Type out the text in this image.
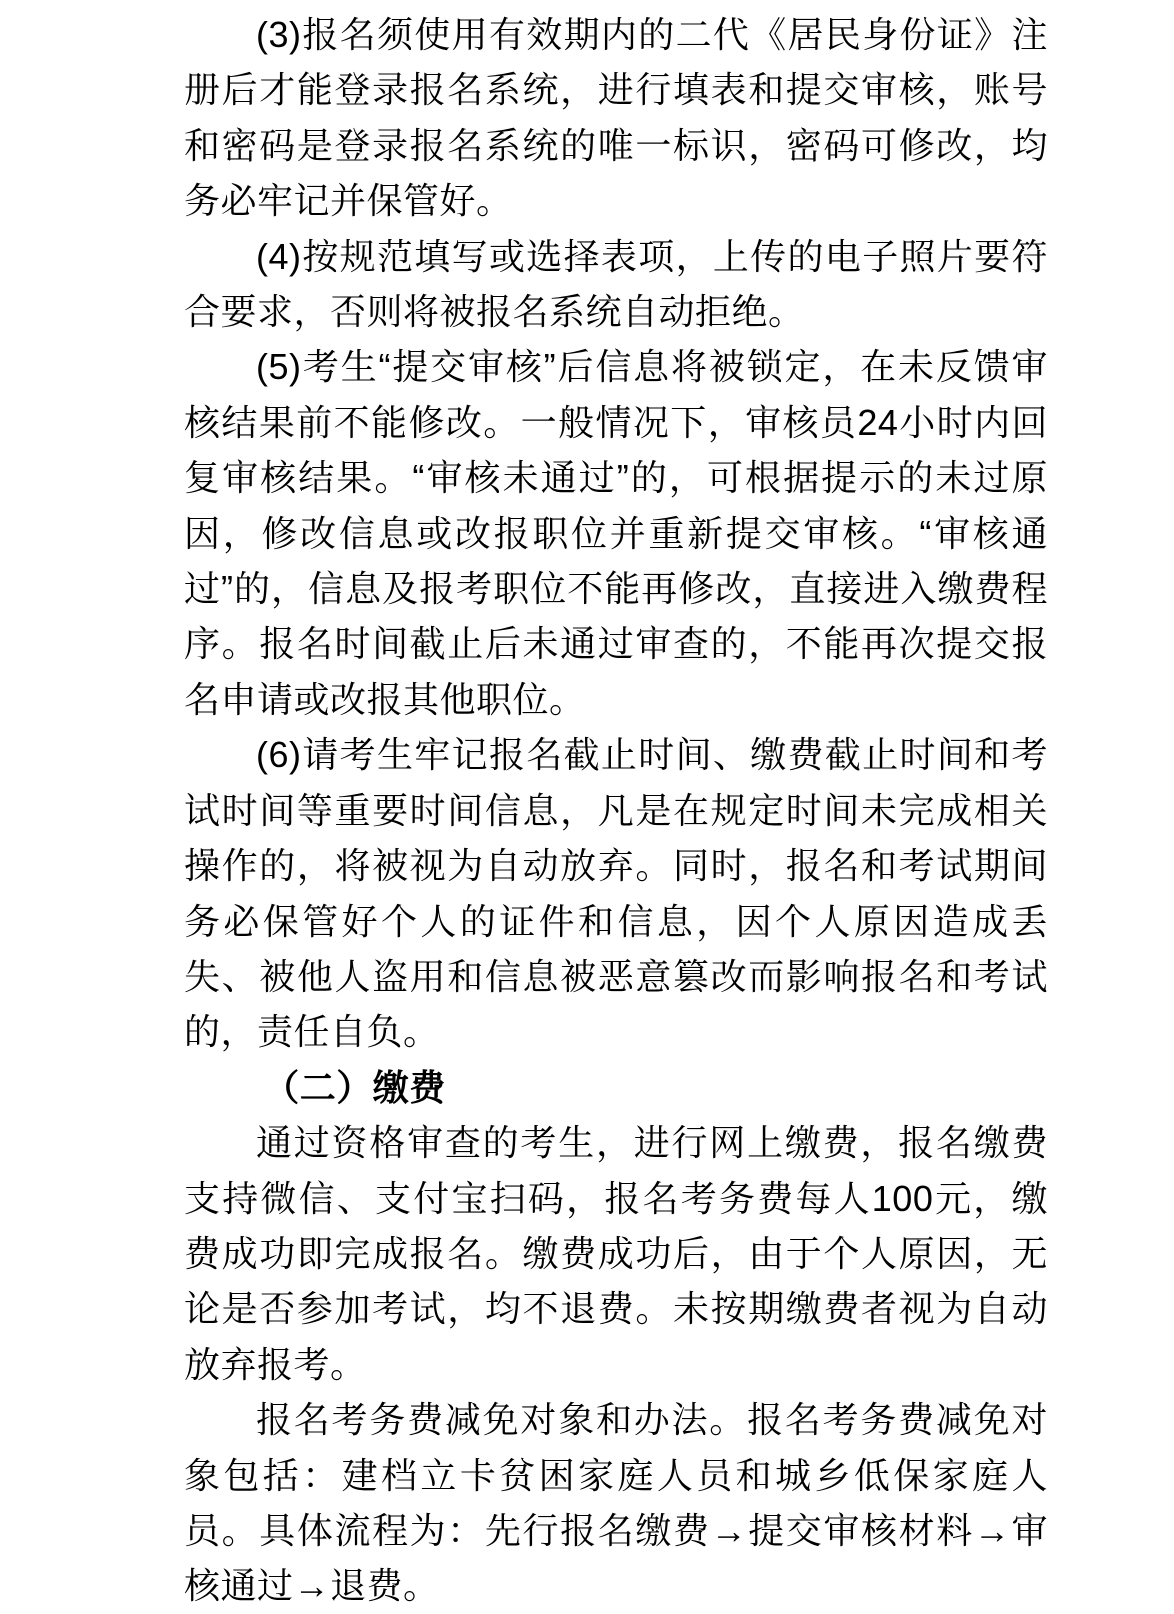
(3)报名须使用有效期内的二代《居民身份证》注册后才能登录报名系统，进行填表和提交审核，账号和密码是登录报名系统的唯一标识，密码可修改，均务必牢记并保管好。

(4)按规范填写或选择表项，上传的电子照片要符合要求，否则将被报名系统自动拒绝。

(5)考生“提交审核”后信息将被锁定，在未反馈审核结果前不能修改。一般情况下，审核员24小时内回复审核结果。“审核未通过”的，可根据提示的未过原因，修改信息或改报职位并重新提交审核。“审核通过”的，信息及报考职位不能再修改，直接进入缴费程序。报名时间截止后未通过审查的，不能再次提交报名申请或改报其他职位。

(6)请考生牢记报名截止时间、缴费截止时间和考试时间等重要时间信息，凡是在规定时间未完成相关操作的，将被视为自动放弃。同时，报名和考试期间务必保管好个人的证件和信息，因个人原因造成丢失、被他人盗用和信息被恶意篡改而影响报名和考试的，责任自负。

（二）缴费

通过资格审查的考生，进行网上缴费，报名缴费支持微信、支付宝扫码，报名考务费每人100元，缴费成功即完成报名。缴费成功后，由于个人原因，无论是否参加考试，均不退费。未按期缴费者视为自动放弃报考。

报名考务费减免对象和办法。报名考务费减免对象包括：建档立卡贫困家庭人员和城乡低保家庭人员。具体流程为：先行报名缴费→提交审核材料→审核通过→退费。
